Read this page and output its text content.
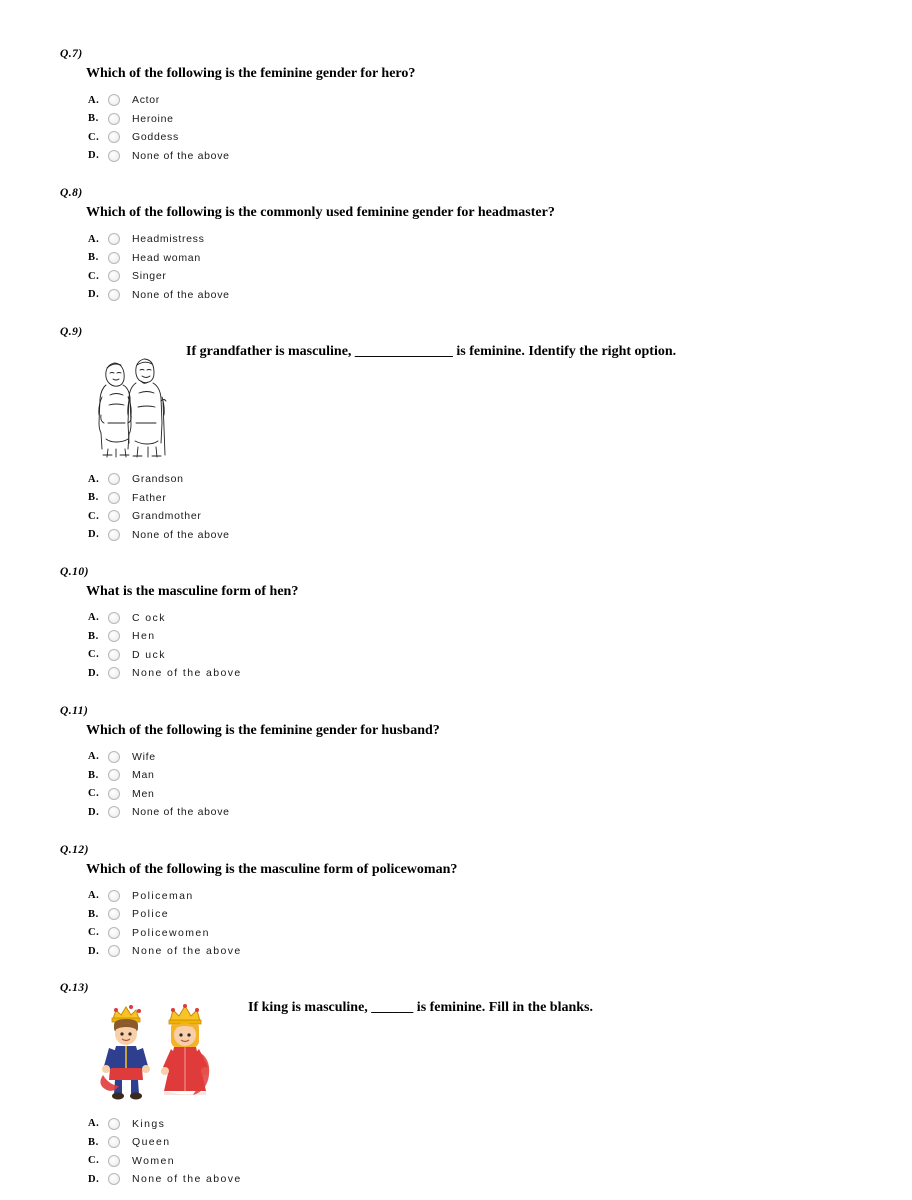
Q.7)
Which of the following is the feminine gender for hero?
A.	Actor
B.	Heroine
C.	Goddess
D.	None of the above
Q.8)
Which of the following is the commonly used feminine gender for headmaster?
A.	Headmistress
B.	Head woman
C.	Singer
D.	None of the above
Q.9)
If grandfather is masculine, ______________ is feminine. Identify the right option.
A.	Grandson
B.	Father
C.	Grandmother
D.	None of the above
Q.10)
What is the masculine form of hen?
A.	C ock
B.	Hen
C.	D uck
D.	None of the above
Q.11)
Which of the following is the feminine gender for husband?
A.	Wife
B.	Man
C.	Men
D.	None of the above
Q.12)
Which of the following is the masculine form of policewoman?
A.	Policeman
B.	Police
C.	Policewomen
D.	None of the above
Q.13)
If king is masculine, ______ is feminine. Fill in the blanks.
A.	Kings
B.	Queen
C.	Women
D.	None of the above
